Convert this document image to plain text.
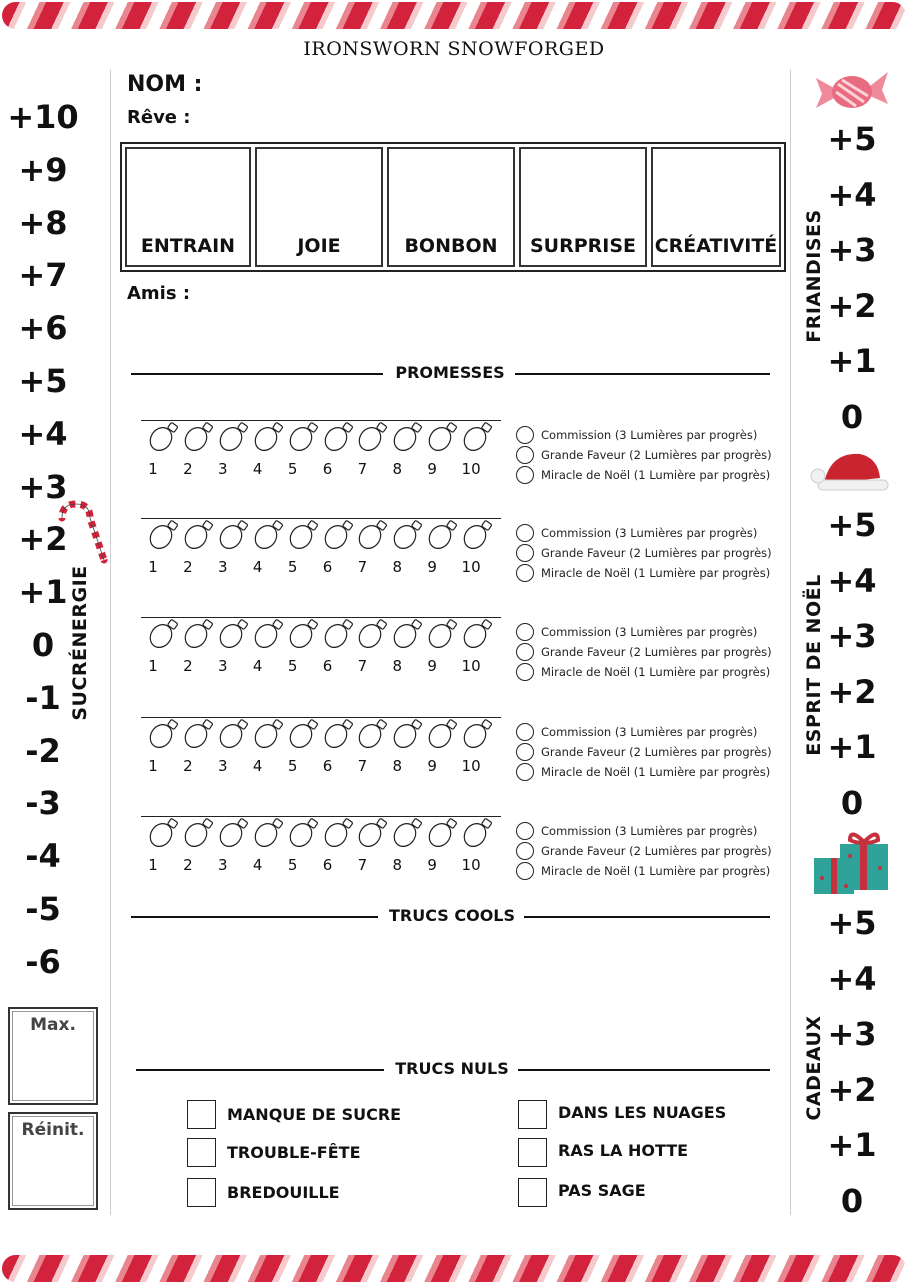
IRONSWORN SNOWFORGED
+10
+9
+8
+7
+6
+5
+4
+3
+2
+1
0
-1
-2
-3
-4
-5
-6
SUCRÉNERGIE
Max.
Réinit.
+5
+4
+3
+2
+1
0
+5
+4
+3
+2
+1
0
+5
+4
+3
+2
+1
0
FRIANDISES
ESPRIT DE NOËL
CADEAUX
NOM :
Rêve :
Amis :
ENTRAIN	JOIE	BONBON	SURPRISE CRÉATIVITÉ
PROMESSES
TRUCS COOLS
TRUCS NULS
1	2	3	4	5	6	7	8	9	10
Commission (3 Lumières par progrès)
Grande Faveur (2 Lumières par progrès)
Miracle de Noël (1 Lumière par progrès)
1	2	3	4	5	6	7	8	9	10
Commission (3 Lumières par progrès)
Grande Faveur (2 Lumières par progrès)
Miracle de Noël (1 Lumière par progrès)
1	2	3	4	5	6	7	8	9	10
Commission (3 Lumières par progrès)
Grande Faveur (2 Lumières par progrès)
Miracle de Noël (1 Lumière par progrès)
1	2	3	4	5	6	7	8	9	10
Commission (3 Lumières par progrès)
Grande Faveur (2 Lumières par progrès)
Miracle de Noël (1 Lumière par progrès)
1	2	3	4	5	6	7	8	9	10
Commission (3 Lumières par progrès)
Grande Faveur (2 Lumières par progrès)
Miracle de Noël (1 Lumière par progrès)
MANQUE DE SUCRE
TROUBLE-FÊTE
BREDOUILLE
DANS LES NUAGES
RAS LA HOTTE
PAS SAGE
